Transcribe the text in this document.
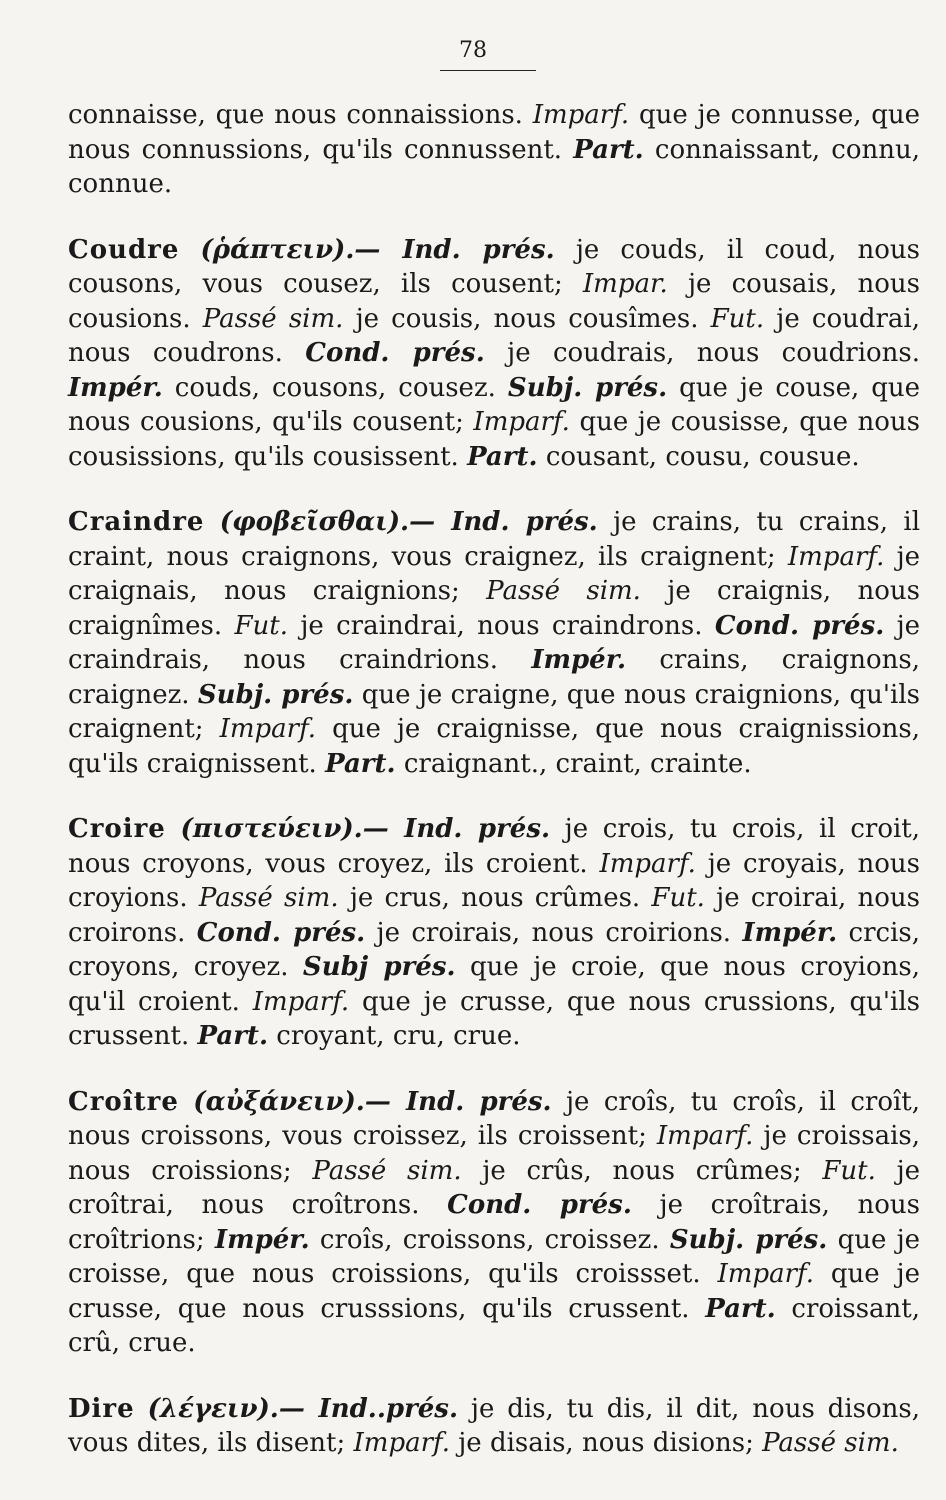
78

connaisse, que nous connaissions. Imparf. que je connusse, que nous connussions, qu'ils connussent. Part. connaissant, connu, connue.

Coudre (ῥάπτειν).— Ind. prés. je couds, il coud, nous cousons, vous cousez, ils cousent; Impar. je cousais, nous cousions. Passé sim. je cousis, nous cousîmes. Fut. je coudrai, nous coudrons. Cond. prés. je coudrais, nous coudrions. Impér. couds, cousons, cousez. Subj. prés. que je couse, que nous cousions, qu'ils cousent; Imparf. que je cousisse, que nous cousissions, qu'ils cousissent. Part. cousant, cousu, cousue.

Craindre (φοβεῖσθαι).— Ind. prés. je crains, tu crains, il craint, nous craignons, vous craignez, ils craignent; Imparf. je craignais, nous craignions; Passé sim. je craignis, nous craignîmes. Fut. je craindrai, nous craindrons. Cond. prés. je craindrais, nous craindrions. Impér. crains, craignons, craignez. Subj. prés. que je craigne, que nous craignions, qu'ils craignent; Imparf. que je craignisse, que nous craignissions, qu'ils craignissent. Part. craignant., craint, crainte.

Croire (πιστεύειν).— Ind. prés. je crois, tu crois, il croit, nous croyons, vous croyez, ils croient. Imparf. je croyais, nous croyions. Passé sim. je crus, nous crûmes. Fut. je croirai, nous croirons. Cond. prés. je croirais, nous croirions. Impér. crcis, croyons, croyez. Subj prés. que je croie, que nous croyions, qu'il croient. Imparf. que je crusse, que nous crussions, qu'ils crussent. Part. croyant, cru, crue.

Croître (αὐξάνειν).— Ind. prés. je croîs, tu croîs, il croît, nous croissons, vous croissez, ils croissent; Imparf. je croissais, nous croissions; Passé sim. je crûs, nous crûmes; Fut. je croîtrai, nous croîtrons. Cond. prés. je croîtrais, nous croîtrions; Impér. croîs, croissons, croissez. Subj. prés. que je croisse, que nous croissions, qu'ils croissset. Imparf. que je crusse, que nous crusssions, qu'ils crussent. Part. croissant, crû, crue.

Dire (λέγειν).— Ind..prés. je dis, tu dis, il dit, nous disons, vous dites, ils disent; Imparf. je disais, nous disions; Passé sim.
